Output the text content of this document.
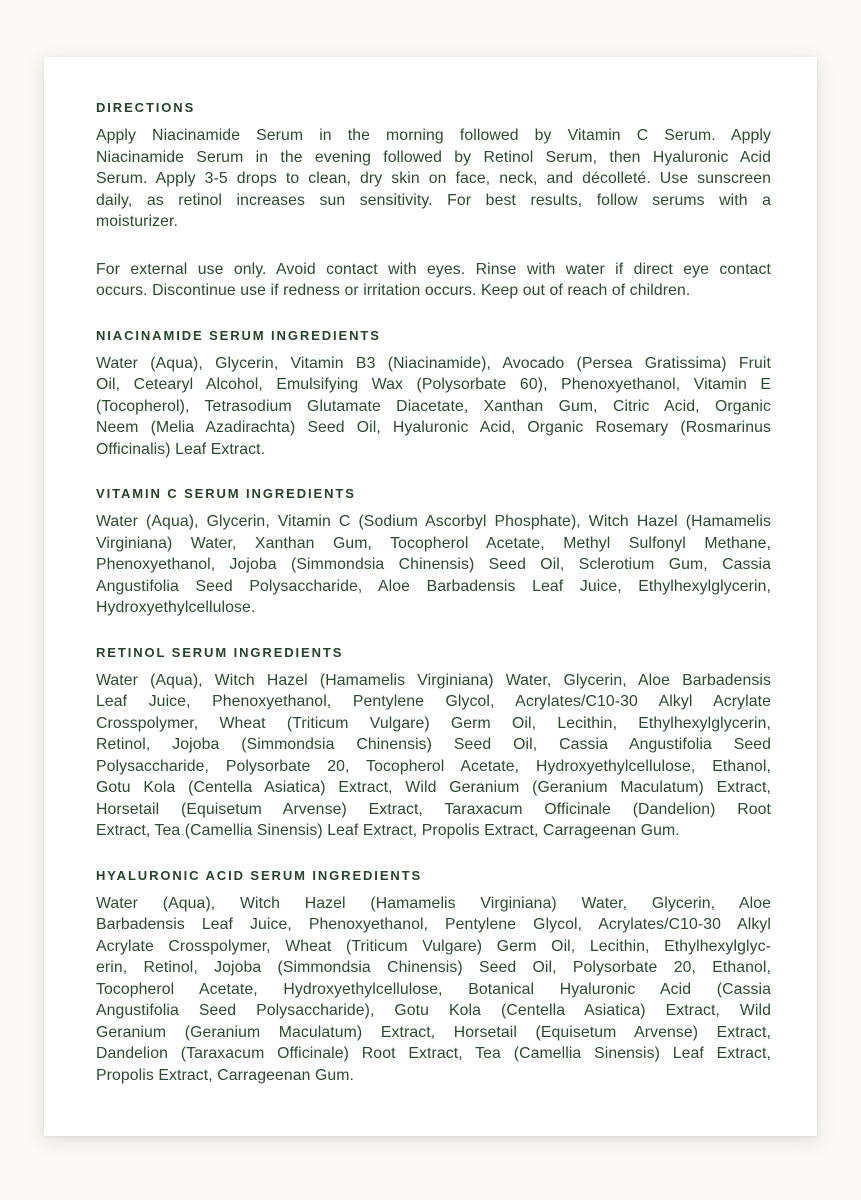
DIRECTIONS
Apply Niacinamide Serum in the morning followed by Vitamin C Serum. Apply
Niacinamide Serum in the evening followed by Retinol Serum, then Hyaluronic Acid
Serum. Apply 3-5 drops to clean, dry skin on face, neck, and décolleté. Use sunscreen
daily, as retinol increases sun sensitivity. For best results, follow serums with a
moisturizer.
For external use only. Avoid contact with eyes. Rinse with water if direct eye contact
occurs. Discontinue use if redness or irritation occurs. Keep out of reach of children.
NIACINAMIDE SERUM INGREDIENTS
Water (Aqua), Glycerin, Vitamin B3 (Niacinamide), Avocado (Persea Gratissima) Fruit
Oil, Cetearyl Alcohol, Emulsifying Wax (Polysorbate 60), Phenoxyethanol, Vitamin E
(Tocopherol), Tetrasodium Glutamate Diacetate, Xanthan Gum, Citric Acid, Organic
Neem (Melia Azadirachta) Seed Oil, Hyaluronic Acid, Organic Rosemary (Rosmarinus
Officinalis) Leaf Extract.
VITAMIN C SERUM INGREDIENTS
Water (Aqua), Glycerin, Vitamin C (Sodium Ascorbyl Phosphate), Witch Hazel (Hamamelis
Virginiana) Water, Xanthan Gum, Tocopherol Acetate, Methyl Sulfonyl Methane,
Phenoxyethanol, Jojoba (Simmondsia Chinensis) Seed Oil, Sclerotium Gum, Cassia
Angustifolia Seed Polysaccharide, Aloe Barbadensis Leaf Juice, Ethylhexylglycerin,
Hydroxyethylcellulose.
RETINOL SERUM INGREDIENTS
Water (Aqua), Witch Hazel (Hamamelis Virginiana) Water, Glycerin, Aloe Barbadensis
Leaf Juice, Phenoxyethanol, Pentylene Glycol, Acrylates/C10-30 Alkyl Acrylate
Crosspolymer, Wheat (Triticum Vulgare) Germ Oil, Lecithin, Ethylhexylglycerin,
Retinol, Jojoba (Simmondsia Chinensis) Seed Oil, Cassia Angustifolia Seed
Polysaccharide, Polysorbate 20, Tocopherol Acetate, Hydroxyethylcellulose, Ethanol,
Gotu Kola (Centella Asiatica) Extract, Wild Geranium (Geranium Maculatum) Extract,
Horsetail (Equisetum Arvense) Extract, Taraxacum Officinale (Dandelion) Root
Extract, Tea (Camellia Sinensis) Leaf Extract, Propolis Extract, Carrageenan Gum.
HYALURONIC ACID SERUM INGREDIENTS
Water (Aqua), Witch Hazel (Hamamelis Virginiana) Water, Glycerin, Aloe
Barbadensis Leaf Juice, Phenoxyethanol, Pentylene Glycol, Acrylates/C10-30 Alkyl
Acrylate Crosspolymer, Wheat (Triticum Vulgare) Germ Oil, Lecithin, Ethylhexylglyc-
erin, Retinol, Jojoba (Simmondsia Chinensis) Seed Oil, Polysorbate 20, Ethanol,
Tocopherol Acetate, Hydroxyethylcellulose, Botanical Hyaluronic Acid (Cassia
Angustifolia Seed Polysaccharide), Gotu Kola (Centella Asiatica) Extract, Wild
Geranium (Geranium Maculatum) Extract, Horsetail (Equisetum Arvense) Extract,
Dandelion (Taraxacum Officinale) Root Extract, Tea (Camellia Sinensis) Leaf Extract,
Propolis Extract, Carrageenan Gum.
